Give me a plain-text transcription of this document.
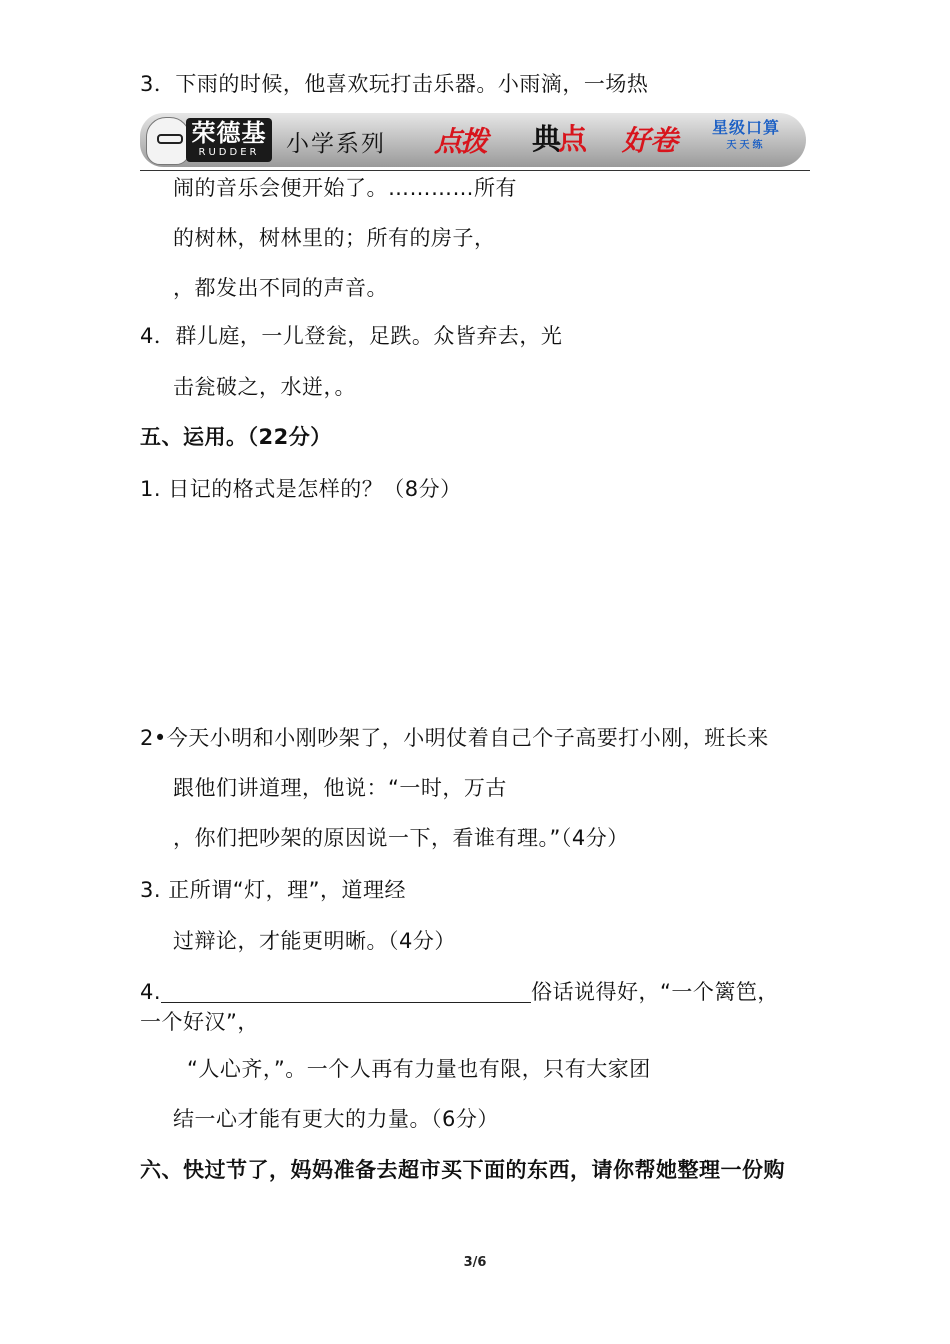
3．下雨的时候，他喜欢玩打击乐器。小雨滴，一场热
荣德基
RUDDER	小学系列 点拨 典点 好卷	星级口算
天天练
闹的音乐会便开始了。…………所有
的树林，树林里的；所有的房子，
，都发出不同的声音。
4．群儿庭，一儿登瓮，足跌。众皆弃去，光
击瓮破之，水迸，。
五、运用。（22分）
1. 日记的格式是怎样的？（8分）
2•今天小明和小刚吵架了，小明仗着自己个子高要打小刚，班长来
跟他们讲道理，他说：“一时，万古
，你们把吵架的原因说一下，看谁有理。”（4分）
3. 正所谓“灯，理”，道理经
过辩论，才能更明晰。（4分）
4.	俗话说得好，“一个篱笆，
一个好汉”，
“人心齐，”。一个人再有力量也有限，只有大家团
结一心才能有更大的力量。（6分）
六、快过节了，妈妈准备去超市买下面的东西，请你帮她整理一份购
3/6
